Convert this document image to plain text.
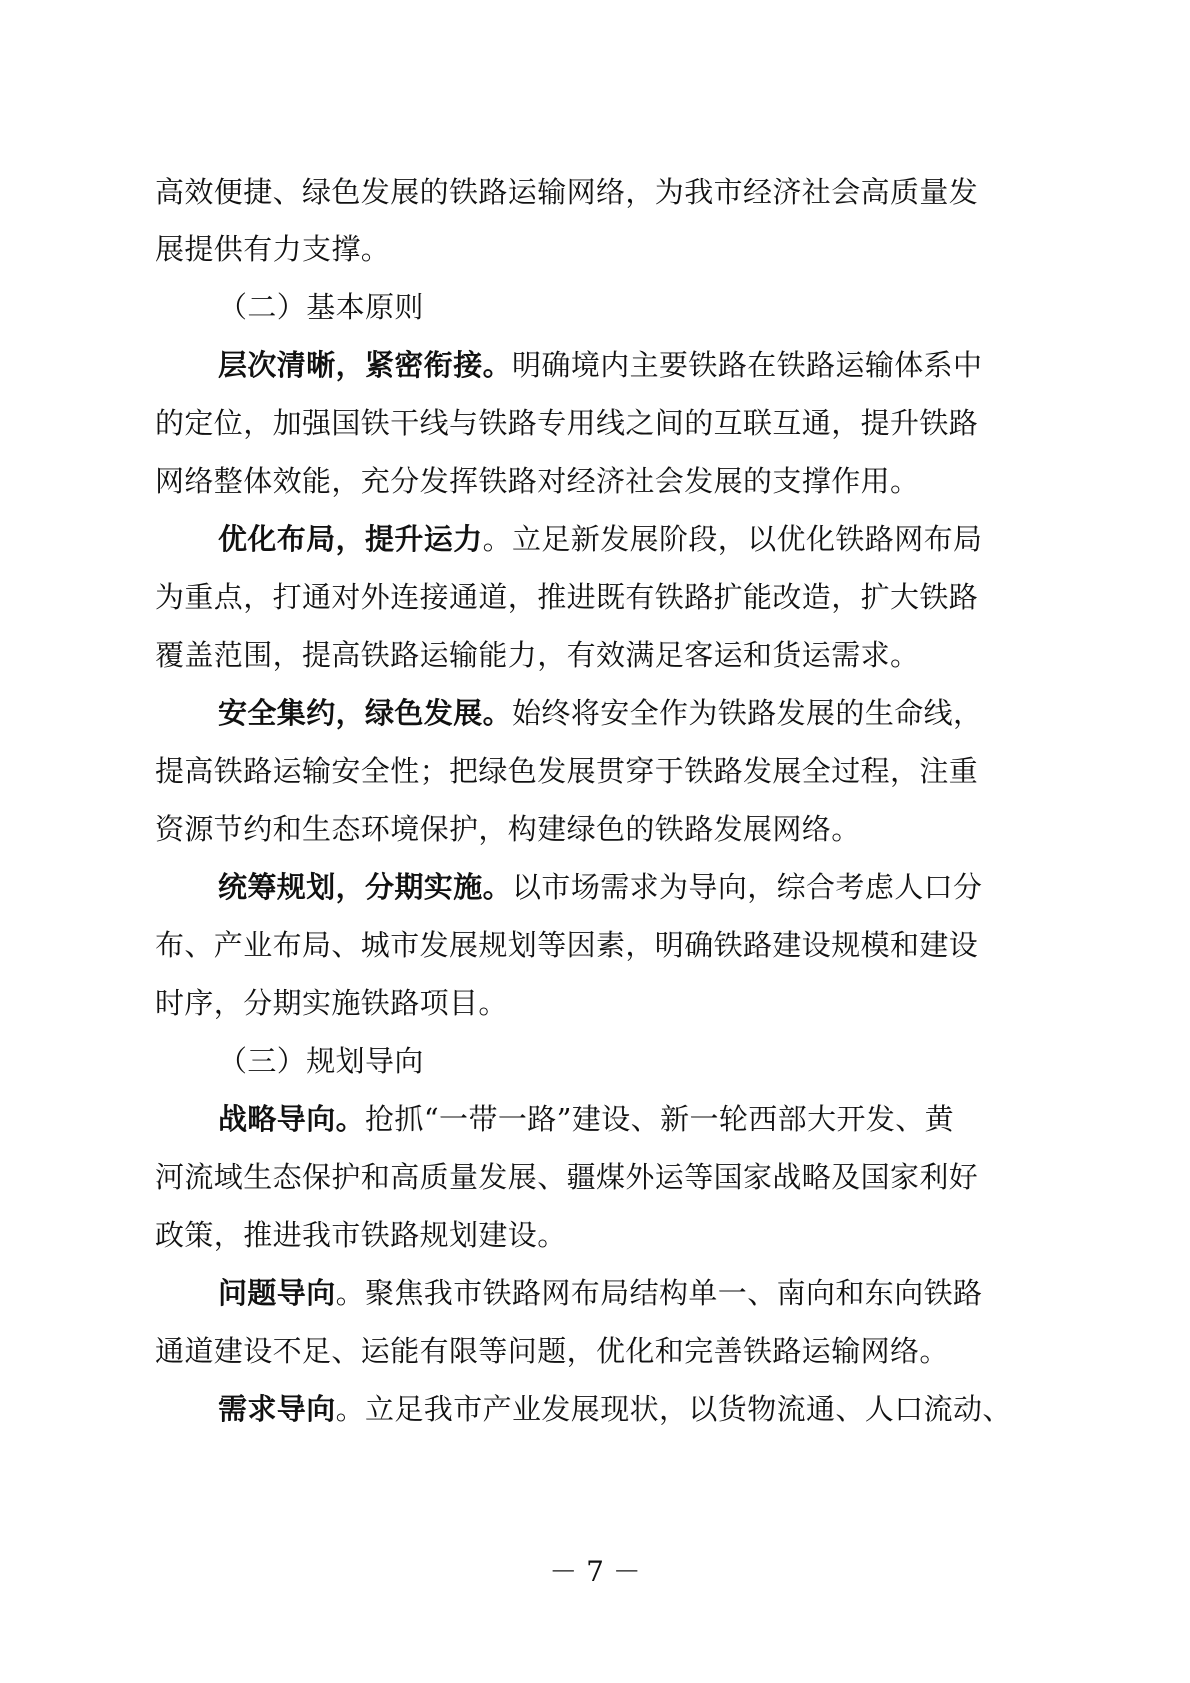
高效便捷、绿色发展的铁路运输网络，为我市经济社会高质量发
展提供有力支撑。
（二）基本原则
层次清晰，紧密衔接。明确境内主要铁路在铁路运输体系中
的定位，加强国铁干线与铁路专用线之间的互联互通，提升铁路
网络整体效能，充分发挥铁路对经济社会发展的支撑作用。
优化布局，提升运力。立足新发展阶段，以优化铁路网布局
为重点，打通对外连接通道，推进既有铁路扩能改造，扩大铁路
覆盖范围，提高铁路运输能力，有效满足客运和货运需求。
安全集约，绿色发展。始终将安全作为铁路发展的生命线，
提高铁路运输安全性；把绿色发展贯穿于铁路发展全过程，注重
资源节约和生态环境保护，构建绿色的铁路发展网络。
统筹规划，分期实施。以市场需求为导向，综合考虑人口分
布、产业布局、城市发展规划等因素，明确铁路建设规模和建设
时序，分期实施铁路项目。
（三）规划导向
战略导向。抢抓“一带一路”建设、新一轮西部大开发、黄
河流域生态保护和高质量发展、疆煤外运等国家战略及国家利好
政策，推进我市铁路规划建设。
问题导向。聚焦我市铁路网布局结构单一、南向和东向铁路
通道建设不足、运能有限等问题，优化和完善铁路运输网络。
需求导向。立足我市产业发展现状，以货物流通、人口流动、
－ 7 －
